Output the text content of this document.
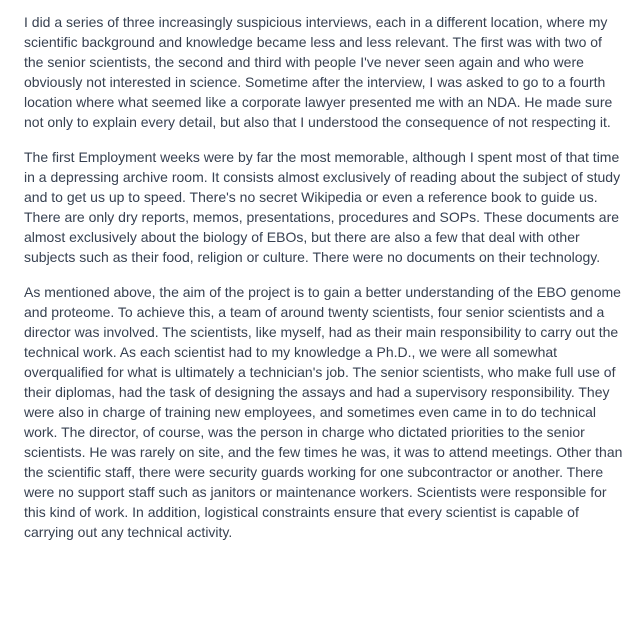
I did a series of three increasingly suspicious interviews, each in a different location, where my scientific background and knowledge became less and less relevant. The first was with two of the senior scientists, the second and third with people I've never seen again and who were obviously not interested in science. Sometime after the interview, I was asked to go to a fourth location where what seemed like a corporate lawyer presented me with an NDA. He made sure not only to explain every detail, but also that I understood the consequence of not respecting it.

The first Employment weeks were by far the most memorable, although I spent most of that time in a depressing archive room. It consists almost exclusively of reading about the subject of study and to get us up to speed. There's no secret Wikipedia or even a reference book to guide us. There are only dry reports, memos, presentations, procedures and SOPs. These documents are almost exclusively about the biology of EBOs, but there are also a few that deal with other subjects such as their food, religion or culture. There were no documents on their technology.

As mentioned above, the aim of the project is to gain a better understanding of the EBO genome and proteome. To achieve this, a team of around twenty scientists, four senior scientists and a director was involved. The scientists, like myself, had as their main responsibility to carry out the technical work. As each scientist had to my knowledge a Ph.D., we were all somewhat overqualified for what is ultimately a technician's job. The senior scientists, who make full use of their diplomas, had the task of designing the assays and had a supervisory responsibility. They were also in charge of training new employees, and sometimes even came in to do technical work. The director, of course, was the person in charge who dictated priorities to the senior scientists. He was rarely on site, and the few times he was, it was to attend meetings. Other than the scientific staff, there were security guards working for one subcontractor or another. There were no support staff such as janitors or maintenance workers. Scientists were responsible for this kind of work. In addition, logistical constraints ensure that every scientist is capable of carrying out any technical activity.
